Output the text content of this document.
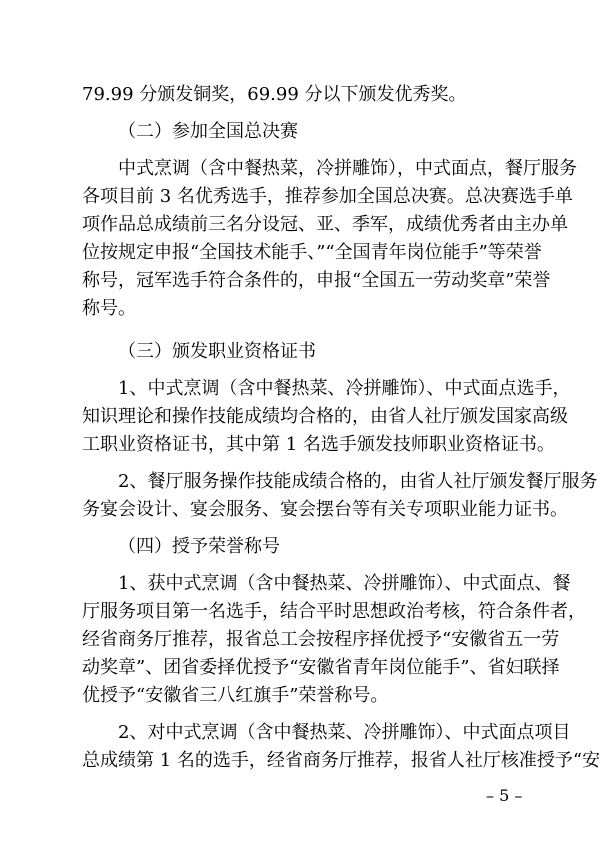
79.99 分颁发铜奖，69.99 分以下颁发优秀奖。
（二）参加全国总决赛
中式烹调（含中餐热菜，冷拼雕饰），中式面点，餐厅服务
各项目前 3 名优秀选手，推荐参加全国总决赛。总决赛选手单
项作品总成绩前三名分设冠、亚、季军，成绩优秀者由主办单
位按规定申报“全国技术能手、”“全国青年岗位能手”等荣誉
称号，冠军选手符合条件的，申报“全国五一劳动奖章”荣誉
称号。
（三）颁发职业资格证书
1、中式烹调（含中餐热菜、冷拼雕饰）、中式面点选手，
知识理论和操作技能成绩均合格的，由省人社厅颁发国家高级
工职业资格证书，其中第 1 名选手颁发技师职业资格证书。
2、餐厅服务操作技能成绩合格的，由省人社厅颁发餐厅服务
务宴会设计、宴会服务、宴会摆台等有关专项职业能力证书。
（四）授予荣誉称号
1、获中式烹调（含中餐热菜、冷拼雕饰）、中式面点、餐
厅服务项目第一名选手，结合平时思想政治考核，符合条件者，
经省商务厅推荐，报省总工会按程序择优授予“安徽省五一劳
动奖章”、团省委择优授予“安徽省青年岗位能手”、省妇联择
优授予“安徽省三八红旗手”荣誉称号。
2、对中式烹调（含中餐热菜、冷拼雕饰）、中式面点项目
总成绩第 1 名的选手，经省商务厅推荐，报省人社厅核准授予“安
– 5 –
